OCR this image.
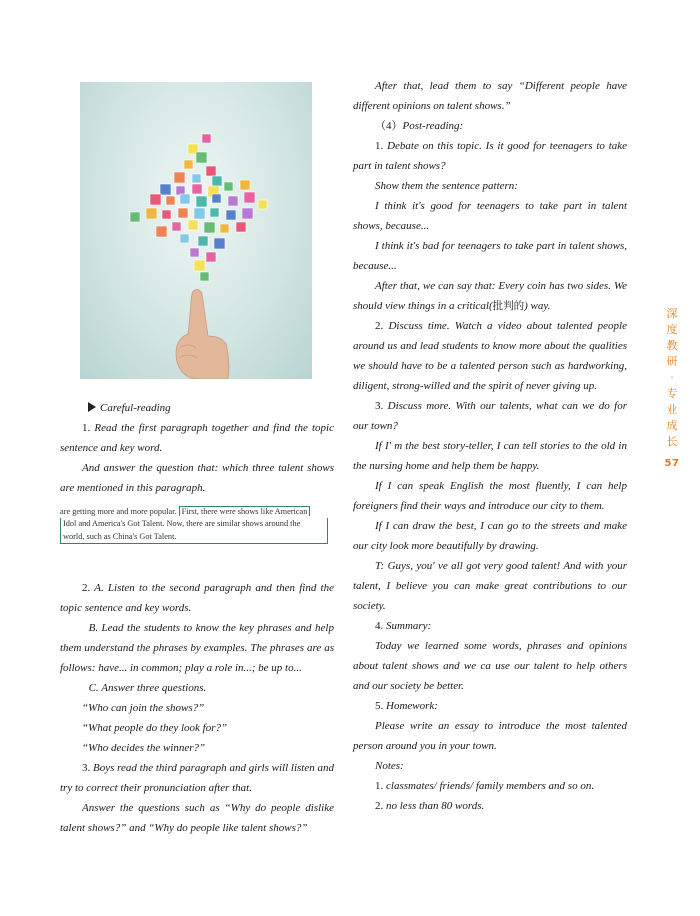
Careful-reading

1. Read the first paragraph together and find the topic sentence and key word.

And answer the question that: which three talent shows are mentioned in this paragraph.

2. A. Listen to the second paragraph and then find the topic sentence and key words.

B. Lead the students to know the key phrases and help them understand the phrases by examples. The phrases are as follows: have... in common; play a role in...; be up to...

C. Answer three questions.

“Who can join the shows?”

“What people do they look for?”

“Who decides the winner?”

3. Boys read the third paragraph and girls will listen and try to correct their pronunciation after that.

Answer the questions such as “Why do people dislike talent shows?” and “Why do people like talent shows?”

are getting more and more popular. First, there were shows like American
Idol and America's Got Talent. Now, there are similar shows around the
world, such as China's Got Talent.

After that, lead them to say “Different people have different opinions on talent shows.”

（4）Post-reading:

1. Debate on this topic. Is it good for teenagers to take part in talent shows?

Show them the sentence pattern:

I think it's good for teenagers to take part in talent shows, because...

I think it's bad for teenagers to take part in talent shows, because...

After that, we can say that: Every coin has two sides. We should view things in a critical(批判的) way.

2. Discuss time. Watch a video about talented people around us and lead students to know more about the qualities we should have to be a talented person such as hardworking, diligent, strong-willed and the spirit of never giving up.

3. Discuss more. With our talents, what can we do for our town?

If I' m the best story-teller, I can tell stories to the old in the nursing home and help them be happy.

If I can speak English the most fluently, I can help foreigners find their ways and introduce our city to them.

If I can draw the best, I can go to the streets and make our city look more beautifully by drawing.

T: Guys, you' ve all got very good talent! And with your talent, I believe you can make great contributions to our society.

4. Summary:

Today we learned some words, phrases and opinions about talent shows and we ca use our talent to help others and our society be better.

5. Homework:

Please write an essay to introduce the most talented person around you in your town.

Notes:

1. classmates/ friends/ family members and so on.

2. no less than 80 words.

深
度
教
研
·
专
业
成
长
57
